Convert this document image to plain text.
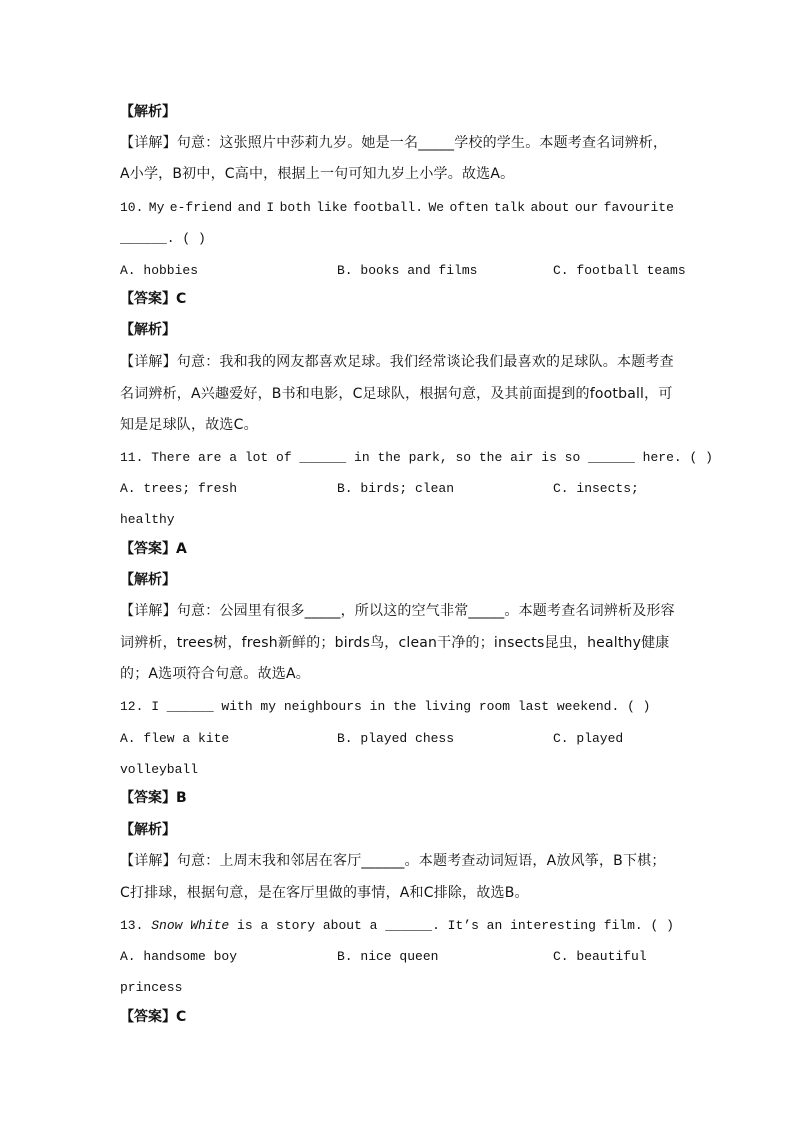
【解析】
【详解】句意：这张照片中莎莉九岁。她是一名_____学校的学生。本题考查名词辨析，
A小学，B初中，C高中，根据上一句可知九岁上小学。故选A。
10. My e-friend and I both like football. We often talk about our favourite
______. ( )
A. hobbies	B. books and films	C. football teams
【答案】C
【解析】
【详解】句意：我和我的网友都喜欢足球。我们经常谈论我们最喜欢的足球队。本题考查
名词辨析，A兴趣爱好，B书和电影，C足球队，根据句意，及其前面提到的football，可
知是足球队，故选C。
11. There are a lot of ______ in the park, so the air is so ______ here. ( )
A. trees; fresh	B. birds; clean	C. insects;
healthy
【答案】A
【解析】
【详解】句意：公园里有很多_____，所以这的空气非常_____。本题考查名词辨析及形容
词辨析，trees树，fresh新鲜的；birds鸟，clean干净的；insects昆虫，healthy健康
的；A选项符合句意。故选A。
12. I ______ with my neighbours in the living room last weekend. ( )
A. flew a kite	B. played chess	C. played
volleyball
【答案】B
【解析】
【详解】句意：上周末我和邻居在客厅______。本题考查动词短语，A放风筝，B下棋；
C打排球，根据句意，是在客厅里做的事情，A和C排除，故选B。
13. Snow White is a story about a ______. It’s an interesting film. ( )
A. handsome boy	B. nice queen	C. beautiful
princess
【答案】C
